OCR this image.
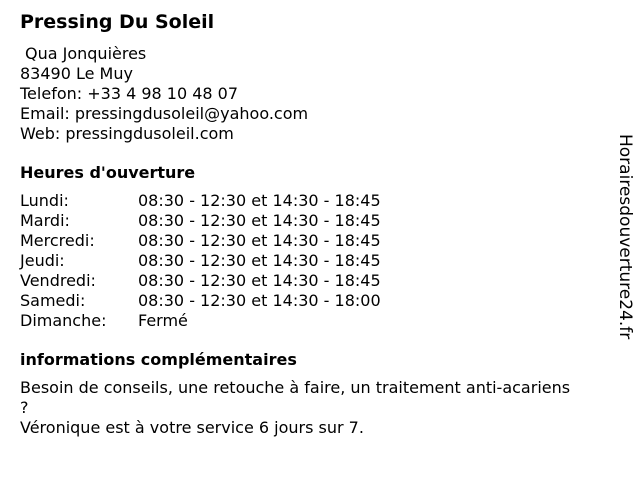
Pressing Du Soleil
Qua Jonquières
83490 Le Muy
Telefon: +33 4 98 10 48 07
Email: pressingdusoleil@yahoo.com
Web: pressingdusoleil.com
Heures d'ouverture
Lundi:	08:30 - 12:30 et 14:30 - 18:45
Mardi:	08:30 - 12:30 et 14:30 - 18:45
Mercredi:	08:30 - 12:30 et 14:30 - 18:45
Jeudi:	08:30 - 12:30 et 14:30 - 18:45
Vendredi:	08:30 - 12:30 et 14:30 - 18:45
Samedi:	08:30 - 12:30 et 14:30 - 18:00
Dimanche:	Fermé
informations complémentaires
Besoin de conseils, une retouche à faire, un traitement anti-acariens
?
Véronique est à votre service 6 jours sur 7.
Horairesdouverture24.fr
